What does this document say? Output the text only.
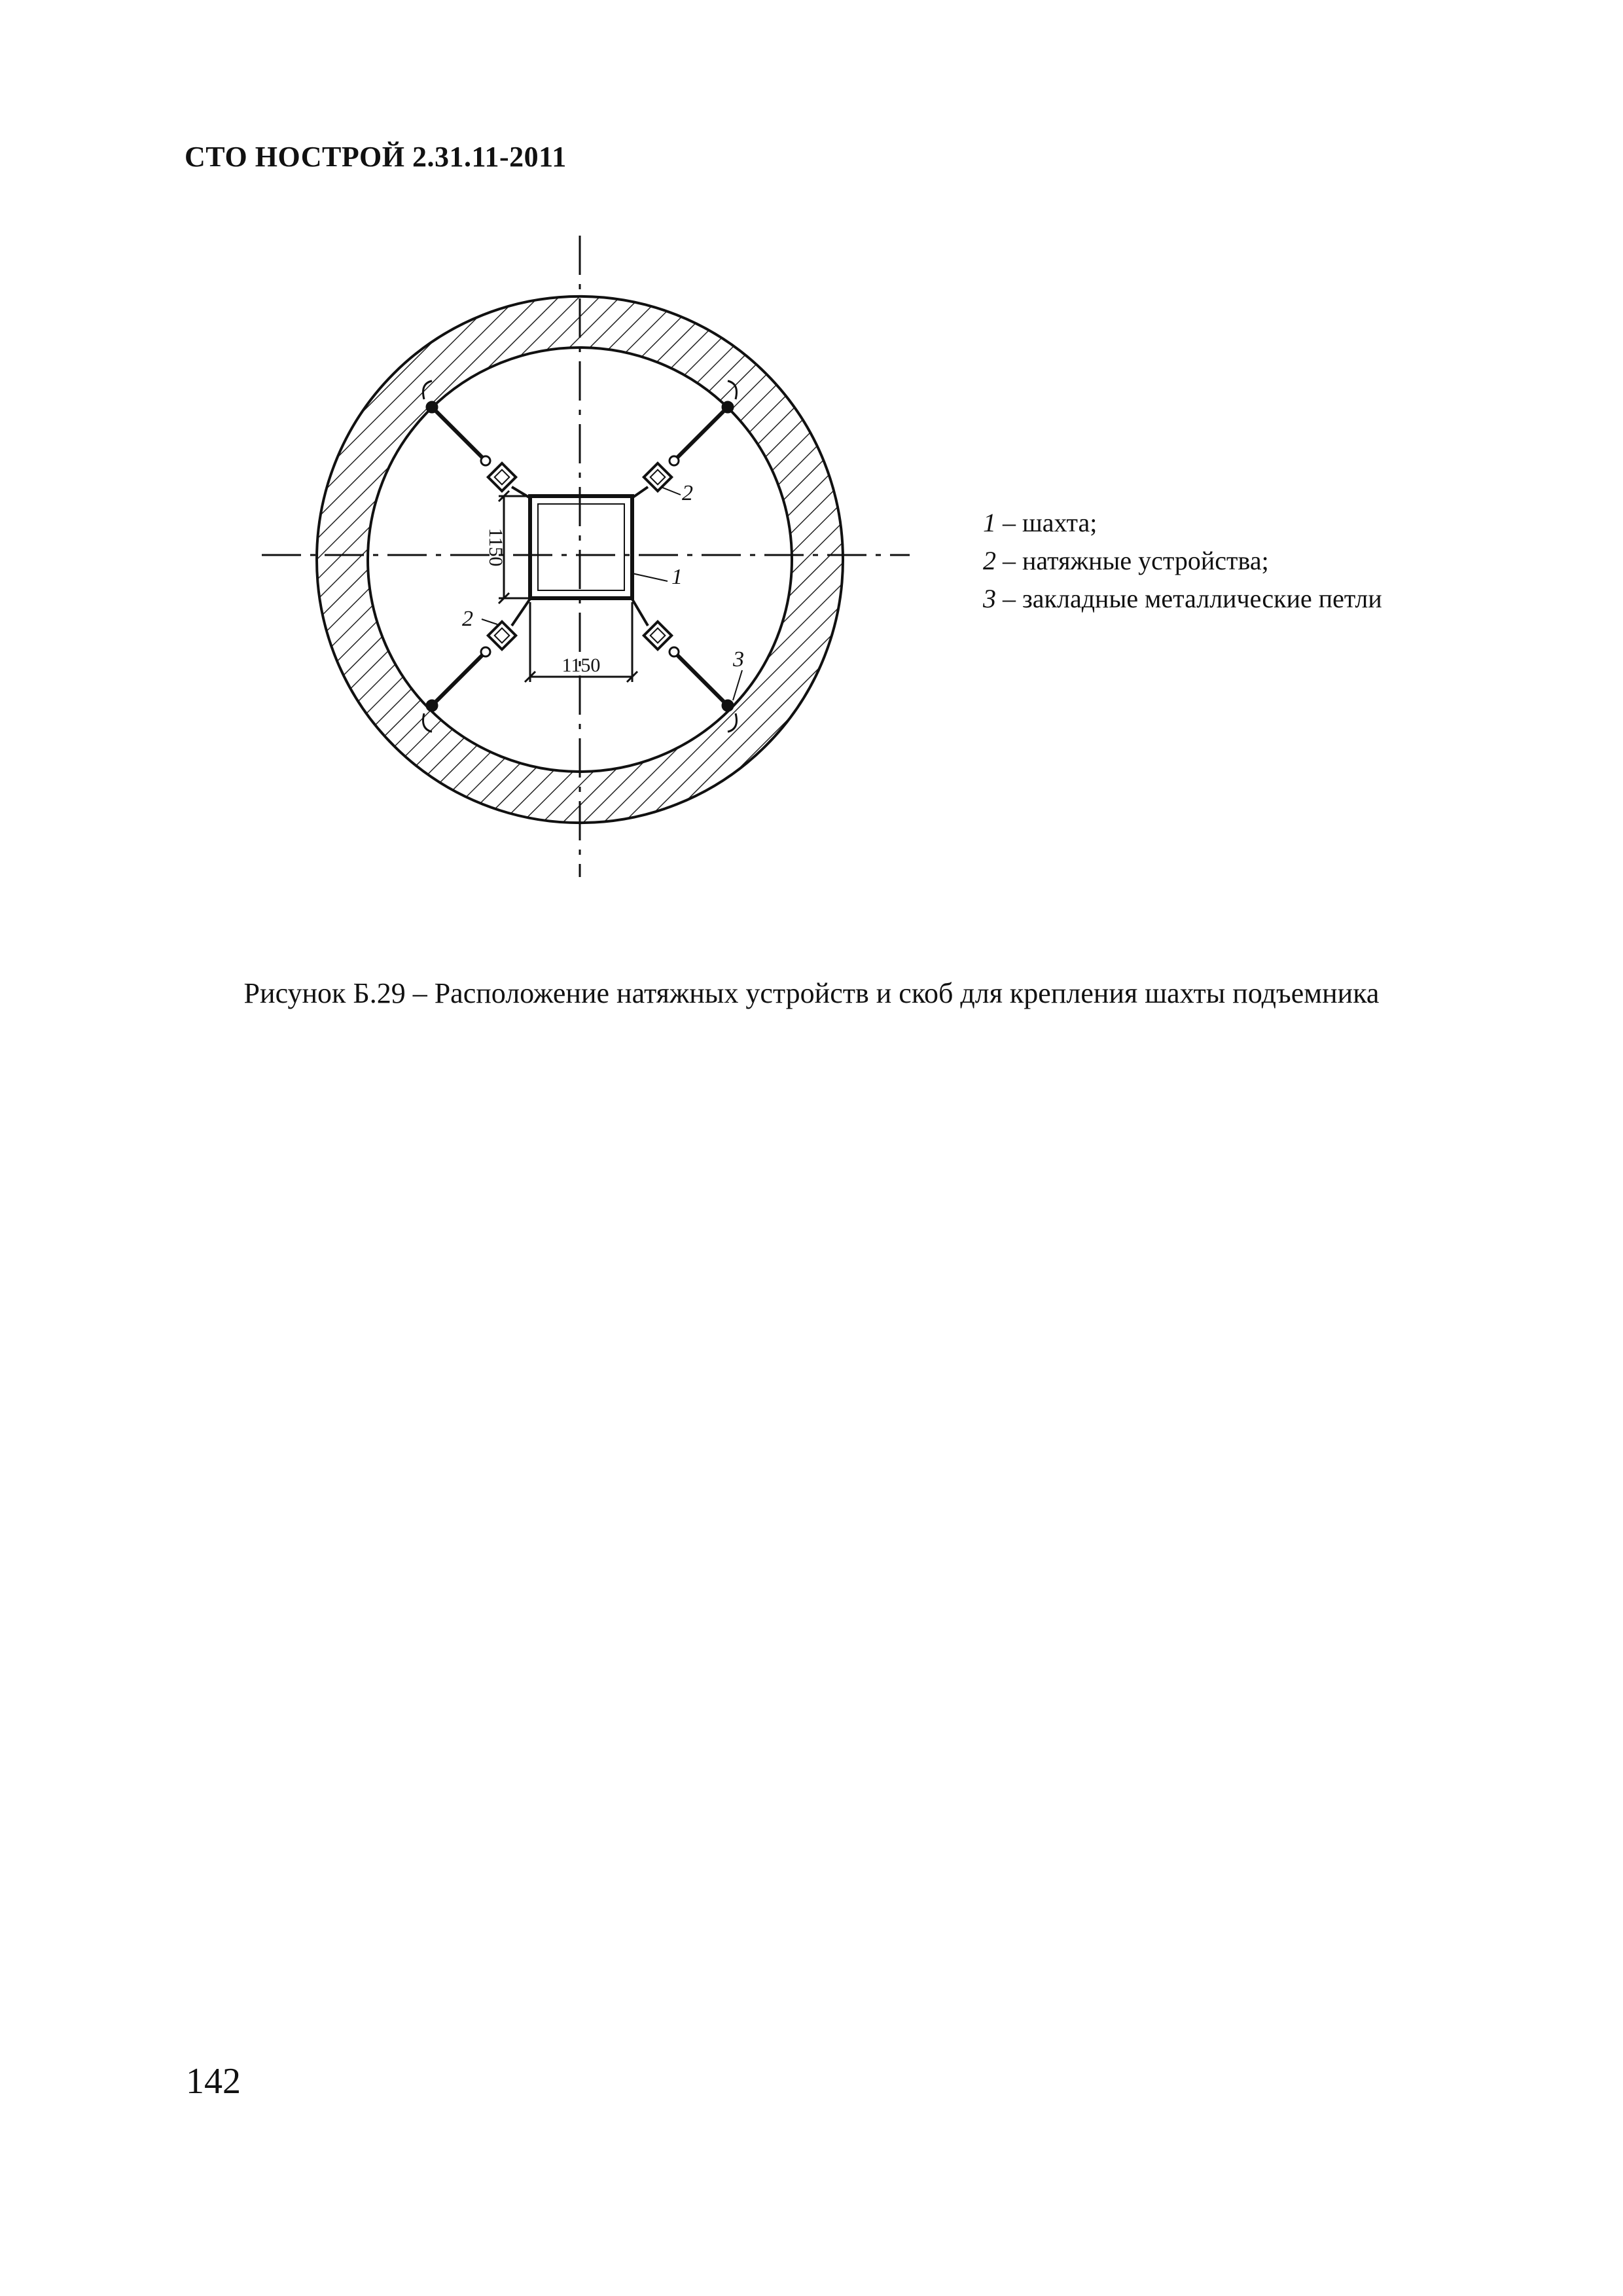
СТО НОСТРОЙ 2.31.11-2011
1150
1150
1
2
2
3
1 – шахта;
2 – натяжные устройства;
3 – закладные металлические петли
Рисунок Б.29 – Расположение натяжных устройств и скоб для крепления шахты подъемника
142
